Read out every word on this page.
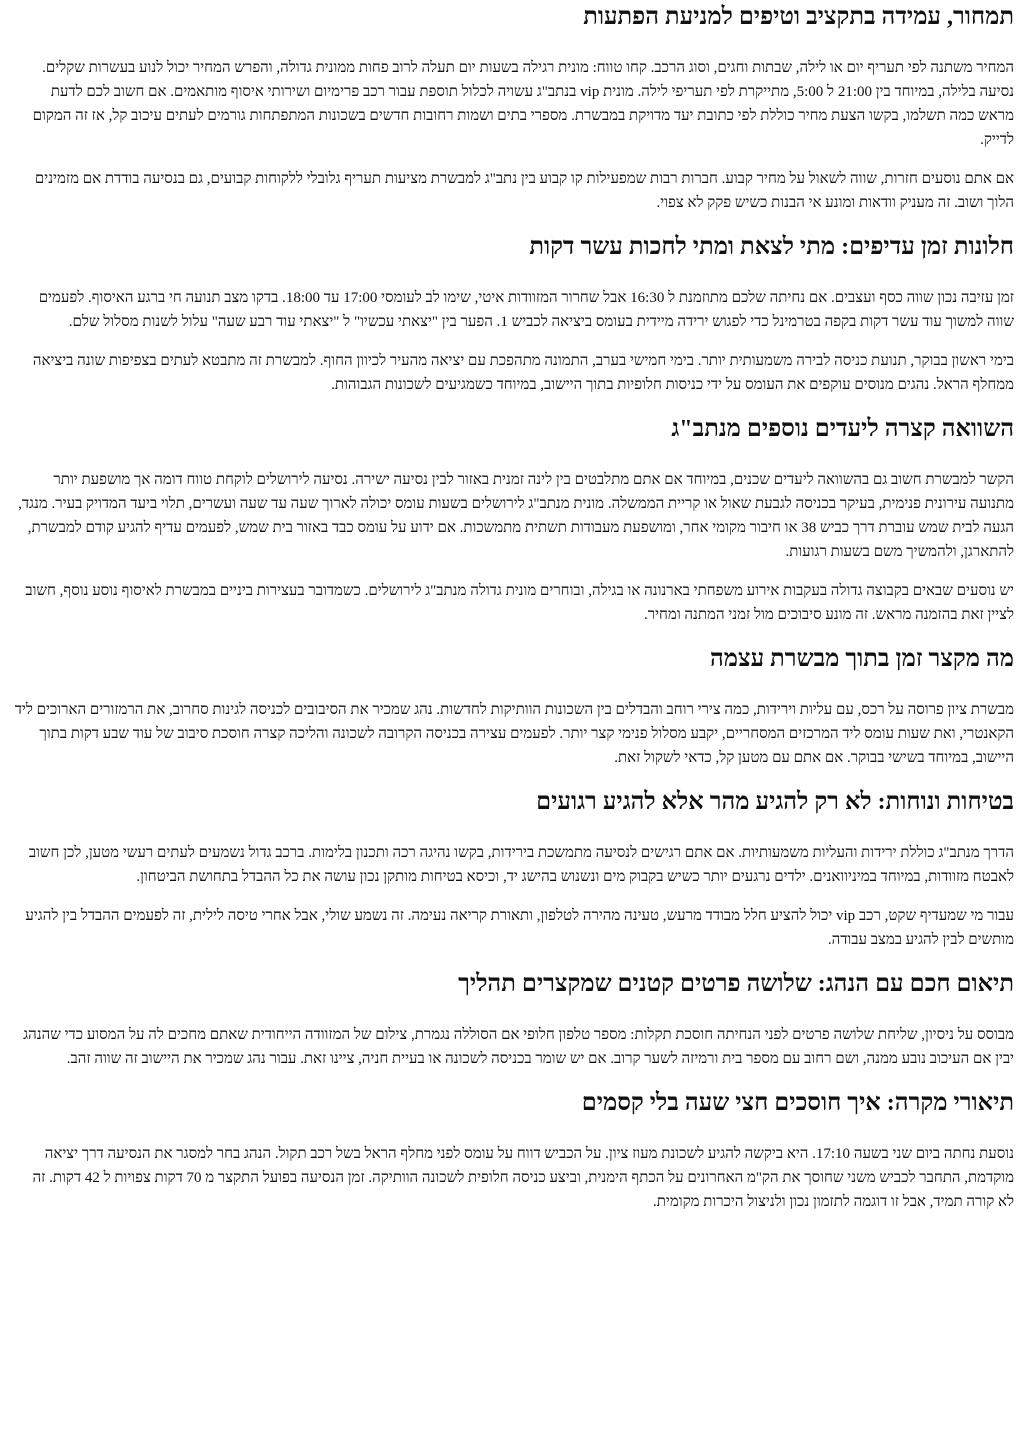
תמחור, עמידה בתקציב וטיפים למניעת הפתעות

המחיר משתנה לפי תעריף יום או לילה, שבתות וחגים, וסוג הרכב. קחו טווח: מונית רגילה בשעות יום תעלה לרוב פחות ממונית גדולה, והפרש המחיר יכול לנוע בעשרות שקלים. נסיעה בלילה, במיוחד בין 21:00 ל 5:00, מתייקרת לפי תעריפי לילה. מונית vip בנתב"ג עשויה לכלול תוספת עבור רכב פרימיום ושירותי איסוף מותאמים. אם חשוב לכם לדעת מראש כמה תשלמו, בקשו הצעת מחיר כוללת לפי כתובת יעד מדויקת במבשרת. מספרי בתים ושמות רחובות חדשים בשכונות המתפתחות גורמים לעתים עיכוב קל, אז זה המקום לדייק.

אם אתם נוסעים חזרות, שווה לשאול על מחיר קבוע. חברות רבות שמפעילות קו קבוע בין נתב"ג למבשרת מציעות תעריף גלובלי ללקוחות קבועים, גם בנסיעה בודדת אם מזמינים הלוך ושוב. זה מעניק וודאות ומונע אי הבנות כשיש פקק לא צפוי.

חלונות זמן עדיפים: מתי לצאת ומתי לחכות עשר דקות

זמן עזיבה נכון שווה כסף ועצבים. אם נחיתה שלכם מתוזמנת ל 16:30 אבל שחרור המזוודות איטי, שימו לב לעומסי 17:00 עד 18:00. בדקו מצב תנועה חי ברגע האיסוף. לפעמים שווה למשוך עוד עשר דקות בקפה בטרמינל כדי לפגוש ירידה מיידית בעומס ביציאה לכביש 1. הפער בין "יצאתי עכשיו" ל "יצאתי עוד רבע שעה" עלול לשנות מסלול שלם.

בימי ראשון בבוקר, תנועת כניסה לבירה משמעותית יותר. בימי חמישי בערב, התמונה מתהפכת עם יציאה מהעיר לכיוון החוף. למבשרת זה מתבטא לעתים בצפיפות שונה ביציאה ממחלף הראל. נהגים מנוסים עוקפים את העומס על ידי כניסות חלופיות בתוך היישוב, במיוחד כשמגיעים לשכונות הגבוהות.

השוואה קצרה ליעדים נוספים מנתב"ג

הקשר למבשרת חשוב גם בהשוואה ליעדים שכנים, במיוחד אם אתם מתלבטים בין לינה זמנית באזור לבין נסיעה ישירה. נסיעה לירושלים לוקחת טווח דומה אך מושפעת יותר מתנועה עירונית פנימית, בעיקר בכניסה לגבעת שאול או קריית הממשלה. מונית מנתב"ג לירושלים בשעות עומס יכולה לארוך שעה עד שעה ועשרים, תלוי ביעד המדויק בעיר. מנגד, הגעה לבית שמש עוברת דרך כביש 38 או חיבור מקומי אחר, ומושפעת מעבודות תשתית מתמשכות. אם ידוע על עומס כבד באזור בית שמש, לפעמים עדיף להגיע קודם למבשרת, להתארגן, ולהמשיך משם בשעות רגועות.

יש נוסעים שבאים בקבוצה גדולה בעקבות אירוע משפחתי בארנונה או בגילה, ובוחרים מונית גדולה מנתב"ג לירושלים. כשמדובר בעצירות ביניים במבשרת לאיסוף נוסע נוסף, חשוב לציין זאת בהזמנה מראש. זה מונע סיבוכים מול זמני המתנה ומחיר.

מה מקצר זמן בתוך מבשרת עצמה

מבשרת ציון פרוסה על רכס, עם עליות וירידות, כמה צירי רוחב והבדלים בין השכונות הוותיקות לחדשות. נהג שמכיר את הסיבובים לכניסה לגינות סחרוב, את הרמזורים הארוכים ליד הקאנטרי, ואת שעות עומס ליד המרכזים המסחריים, יקבע מסלול פנימי קצר יותר. לפעמים עצירה בכניסה הקרובה לשכונה והליכה קצרה חוסכת סיבוב של עוד שבע דקות בתוך היישוב, במיוחד בשישי בבוקר. אם אתם עם מטען קל, כדאי לשקול זאת.

בטיחות ונוחות: לא רק להגיע מהר אלא להגיע רגועים

הדרך מנתב"ג כוללת ירידות והעליות משמעותיות. אם אתם רגישים לנסיעה מתמשכת בירידות, בקשו נהיגה רכה ותכנון בלימות. ברכב גדול נשמעים לעתים רעשי מטען, לכן חשוב לאבטח מזוודות, במיוחד במיניוואנים. ילדים נרגעים יותר כשיש בקבוק מים ונשנוש בהישג יד, וכיסא בטיחות מותקן נכון עושה את כל ההבדל בתחושת הביטחון.

עבור מי שמעדיף שקט, רכב vip יכול להציע חלל מבודד מרעש, טעינה מהירה לטלפון, ותאורת קריאה נעימה. זה נשמע שולי, אבל אחרי טיסה לילית, זה לפעמים ההבדל בין להגיע מותשים לבין להגיע במצב עבודה.

תיאום חכם עם הנהג: שלושה פרטים קטנים שמקצרים תהליך

מבוסס על ניסיון, שליחת שלושה פרטים לפני הנחיתה חוסכת תקלות: מספר טלפון חלופי אם הסוללה נגמרת, צילום של המזוודה הייחודית שאתם מחכים לה על המסוע כדי שהנהג יבין אם העיכוב נובע ממנה, ושם רחוב עם מספר בית ורמיזה לשער קרוב. אם יש שומר בכניסה לשכונה או בעיית חניה, ציינו זאת. עבור נהג שמכיר את היישוב זה שווה זהב.

תיאורי מקרה: איך חוסכים חצי שעה בלי קסמים

נוסעת נחתה ביום שני בשעה 17:10. היא ביקשה להגיע לשכונת מעוז ציון. על הכביש דווח על עומס לפני מחלף הראל בשל רכב תקול. הנהג בחר למסגר את הנסיעה דרך יציאה מוקדמת, התחבר לכביש משני שחוסך את הק"מ האחרונים על הכתף הימנית, וביצע כניסה חלופית לשכונה הוותיקה. זמן הנסיעה בפועל התקצר מ 70 דקות צפויות ל 42 דקות. זה לא קורה תמיד, אבל זו דוגמה לתזמון נכון ולניצול היכרות מקומית.
